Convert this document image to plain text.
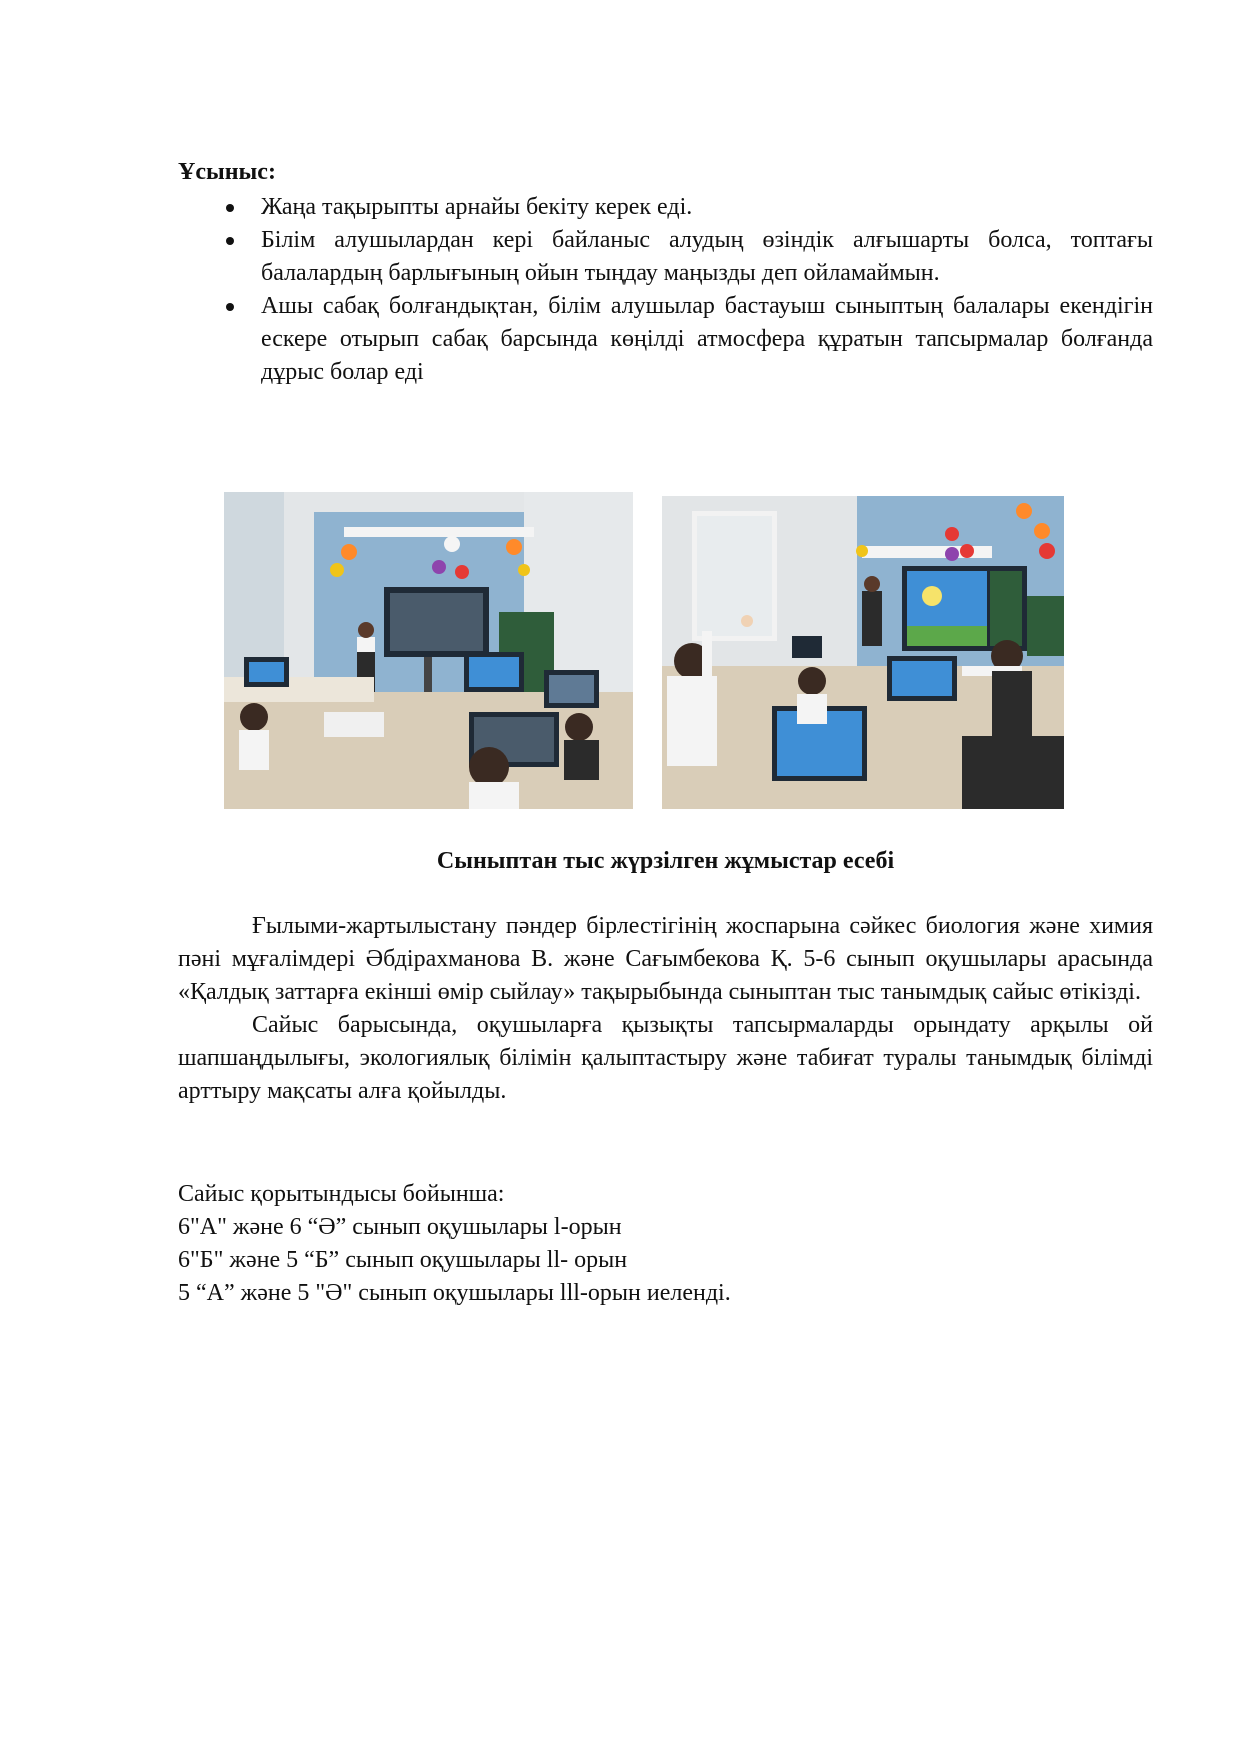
Ұсыныс:
Жаңа тақырыпты арнайы бекіту керек еді.
Білім алушылардан кері байланыс алудың өзіндік алғышарты болса, топтағы балалардың барлығының ойын тыңдау маңызды деп ойламаймын.
Ашы сабақ болғандықтан, білім алушылар бастауыш сыныптың балалары екендігін ескере отырып сабақ барсында көңілді атмосфера құратын тапсырмалар болғанда дұрыс болар еді
Сыныптан тыс жүрзілген жұмыстар есебі

Ғылыми-жартылыстану пәндер бірлестігінің жоспарына сәйкес биология және химия пәні мұғалімдері Әбдірахманова В. және Сағымбекова Қ. 5-6 сынып оқушылары арасында «Қалдық заттарға екінші өмір сыйлау» тақырыбында сыныптан тыс танымдық сайыс өтікізді.

Сайыс барысында, оқушыларға қызықты тапсырмаларды орындату арқылы ой шапшаңдылығы, экологиялық білімін қалыптастыру және табиғат туралы танымдық білімді арттыру мақсаты алға қойылды.

Сайыс қорытындысы бойынша:

6"А" және 6 “Ә” сынып оқушылары l-орын

6"Б" және 5 “Б” сынып оқушылары ll- орын

5 “А” және 5 "Ә" сынып оқушылары lll-орын иеленді.
